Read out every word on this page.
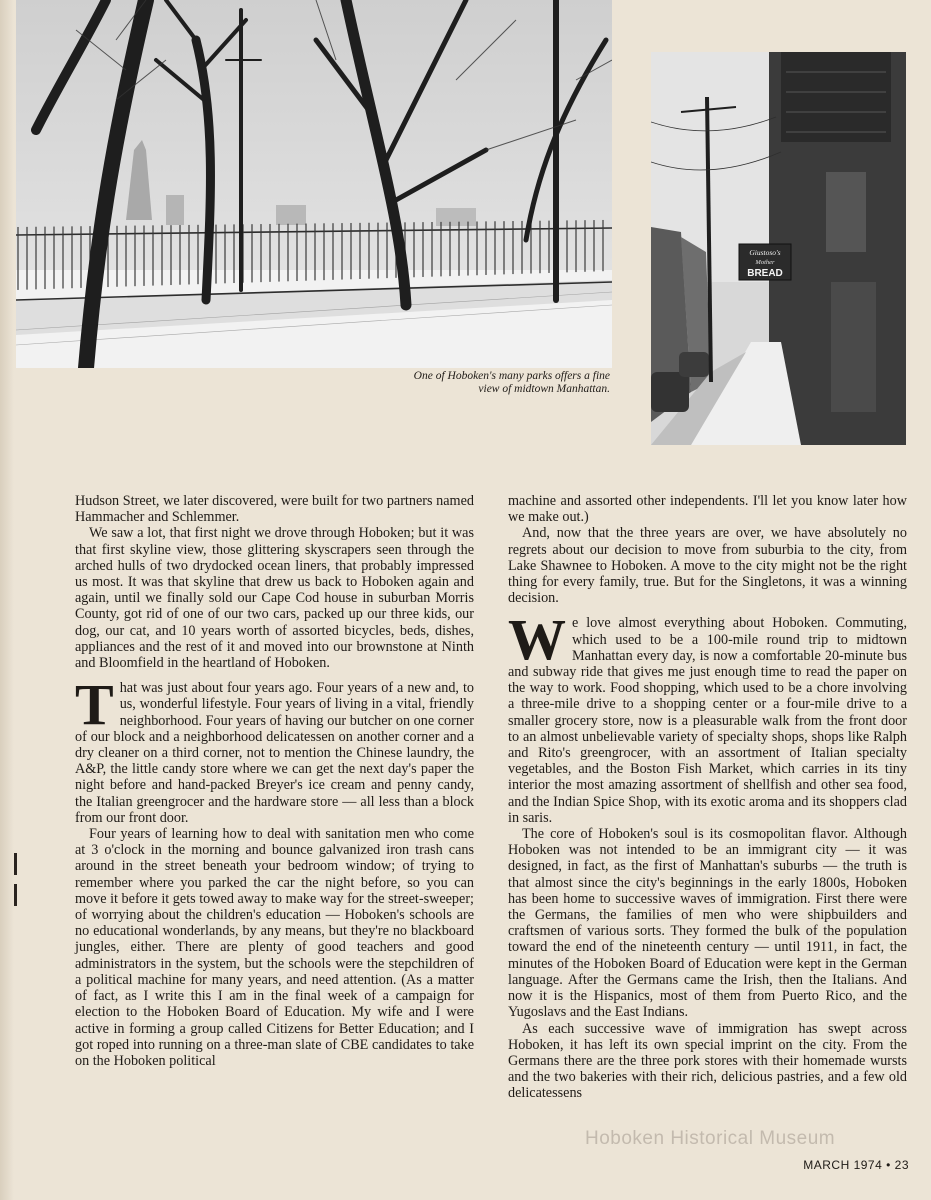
One of Hoboken's many parks offers a fine
view of midtown Manhattan.
Giustoso's
Mother
BREAD

Hudson Street, we later discovered, were built for two partners named Hammacher and Schlemmer.

We saw a lot, that first night we drove through Hoboken; but it was that first skyline view, those glittering skyscrapers seen through the arched hulls of two drydocked ocean liners, that probably impressed us most. It was that skyline that drew us back to Hoboken again and again, until we finally sold our Cape Cod house in suburban Morris County, got rid of one of our two cars, packed up our three kids, our dog, our cat, and 10 years worth of assorted bicycles, beds, dishes, appliances and the rest of it and moved into our brownstone at Ninth and Bloomfield in the heartland of Hoboken.

That was just about four years ago. Four years of a new and, to us, wonderful lifestyle. Four years of living in a vital, friendly neighborhood. Four years of having our butcher on one corner of our block and a neighborhood delicatessen on another corner and a dry cleaner on a third corner, not to mention the Chinese laundry, the A&P, the little candy store where we can get the next day's paper the night before and hand-packed Breyer's ice cream and penny candy, the Italian greengrocer and the hardware store — all less than a block from our front door.

Four years of learning how to deal with sanitation men who come at 3 o'clock in the morning and bounce galvanized iron trash cans around in the street beneath your bedroom window; of trying to remember where you parked the car the night before, so you can move it before it gets towed away to make way for the street-sweeper; of worrying about the children's education — Hoboken's schools are no educational wonderlands, by any means, but they're no blackboard jungles, either. There are plenty of good teachers and good administrators in the system, but the schools were the stepchildren of a political machine for many years, and need attention. (As a matter of fact, as I write this I am in the final week of a campaign for election to the Hoboken Board of Education. My wife and I were active in forming a group called Citizens for Better Education; and I got roped into running on a three-man slate of CBE candidates to take on the Hoboken political

machine and assorted other independents. I'll let you know later how we make out.)

And, now that the three years are over, we have absolutely no regrets about our decision to move from suburbia to the city, from Lake Shawnee to Hoboken. A move to the city might not be the right thing for every family, true. But for the Singletons, it was a winning decision.

We love almost everything about Hoboken. Commuting, which used to be a 100-mile round trip to midtown Manhattan every day, is now a comfortable 20-minute bus and subway ride that gives me just enough time to read the paper on the way to work. Food shopping, which used to be a chore involving a three-mile drive to a shopping center or a four-mile drive to a smaller grocery store, now is a pleasurable walk from the front door to an almost unbelievable variety of specialty shops, shops like Ralph and Rito's greengrocer, with an assortment of Italian specialty vegetables, and the Boston Fish Market, which carries in its tiny interior the most amazing assortment of shellfish and other sea food, and the Indian Spice Shop, with its exotic aroma and its shoppers clad in saris.

The core of Hoboken's soul is its cosmopolitan flavor. Although Hoboken was not intended to be an immigrant city — it was designed, in fact, as the first of Manhattan's suburbs — the truth is that almost since the city's beginnings in the early 1800s, Hoboken has been home to successive waves of immigration. First there were the Germans, the families of men who were shipbuilders and craftsmen of various sorts. They formed the bulk of the population toward the end of the nineteenth century — until 1911, in fact, the minutes of the Hoboken Board of Education were kept in the German language. After the Germans came the Irish, then the Italians. And now it is the Hispanics, most of them from Puerto Rico, and the Yugoslavs and the East Indians.

As each successive wave of immigration has swept across Hoboken, it has left its own special imprint on the city. From the Germans there are the three pork stores with their homemade wursts and the two bakeries with their rich, delicious pastries, and a few old delicatessens

Hoboken Historical Museum
MARCH 1974 • 23
